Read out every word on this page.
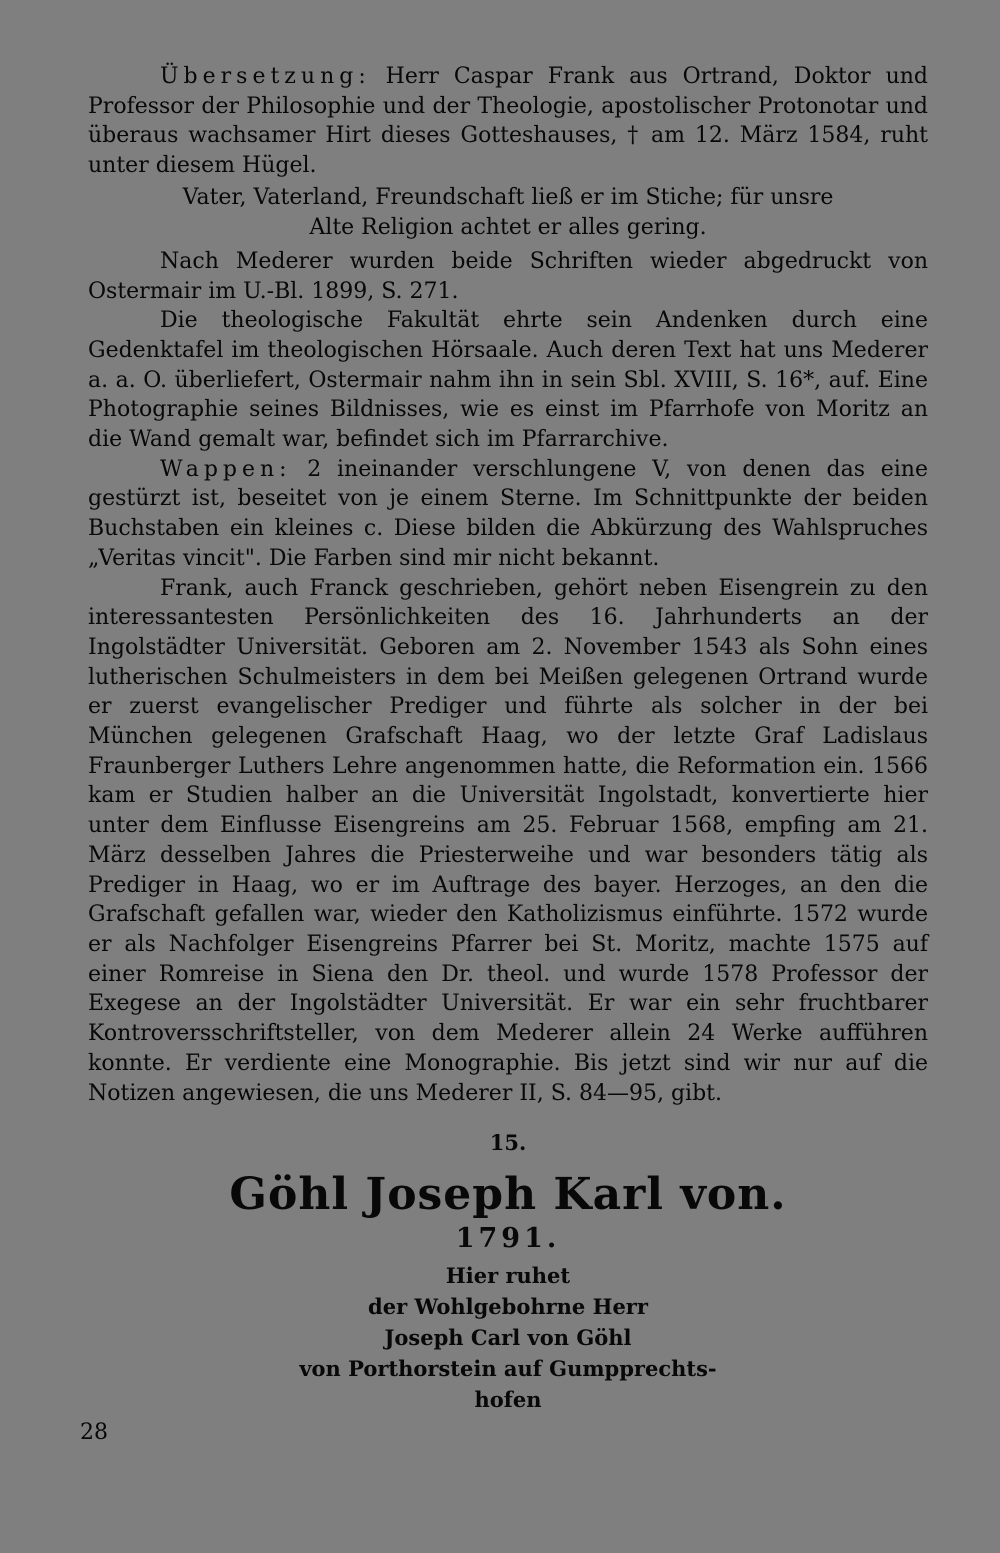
Übersetzung: Herr Caspar Frank aus Ortrand, Doktor und Professor der Philosophie und der Theologie, apostolischer Protonotar und überaus wachsamer Hirt dieses Gotteshauses, † am 12. März 1584, ruht unter diesem Hügel.

Vater, Vaterland, Freundschaft ließ er im Stiche; für unsre
Alte Religion achtet er alles gering.

Nach Mederer wurden beide Schriften wieder abgedruckt von Ostermair im U.-Bl. 1899, S. 271.

Die theologische Fakultät ehrte sein Andenken durch eine Gedenktafel im theologischen Hörsaale. Auch deren Text hat uns Mederer a. a. O. überliefert, Ostermair nahm ihn in sein Sbl. XVIII, S. 16*, auf. Eine Photographie seines Bildnisses, wie es einst im Pfarrhofe von Moritz an die Wand gemalt war, befindet sich im Pfarrarchive.

Wappen: 2 ineinander verschlungene V, von denen das eine gestürzt ist, beseitet von je einem Sterne. Im Schnittpunkte der beiden Buchstaben ein kleines c. Diese bilden die Abkürzung des Wahlspruches „Veritas vincit". Die Farben sind mir nicht bekannt.

Frank, auch Franck geschrieben, gehört neben Eisengrein zu den interessantesten Persönlichkeiten des 16. Jahrhunderts an der Ingolstädter Universität. Geboren am 2. November 1543 als Sohn eines lutherischen Schulmeisters in dem bei Meißen gelegenen Ortrand wurde er zuerst evangelischer Prediger und führte als solcher in der bei München gelegenen Grafschaft Haag, wo der letzte Graf Ladislaus Fraunberger Luthers Lehre angenommen hatte, die Reformation ein. 1566 kam er Studien halber an die Universität Ingolstadt, konvertierte hier unter dem Einflusse Eisengreins am 25. Februar 1568, empfing am 21. März desselben Jahres die Priesterweihe und war besonders tätig als Prediger in Haag, wo er im Auftrage des bayer. Herzoges, an den die Grafschaft gefallen war, wieder den Katholizismus einführte. 1572 wurde er als Nachfolger Eisengreins Pfarrer bei St. Moritz, machte 1575 auf einer Romreise in Siena den Dr. theol. und wurde 1578 Professor der Exegese an der Ingolstädter Universität. Er war ein sehr fruchtbarer Kontroversschriftsteller, von dem Mederer allein 24 Werke aufführen konnte. Er verdiente eine Monographie. Bis jetzt sind wir nur auf die Notizen angewiesen, die uns Mederer II, S. 84—95, gibt.

15.
Göhl Joseph Karl von.
1791.
Hier ruhet
der Wohlgebohrne Herr
Joseph Carl von Göhl
von Porthorstein auf Gumpprechts-
hofen
28
